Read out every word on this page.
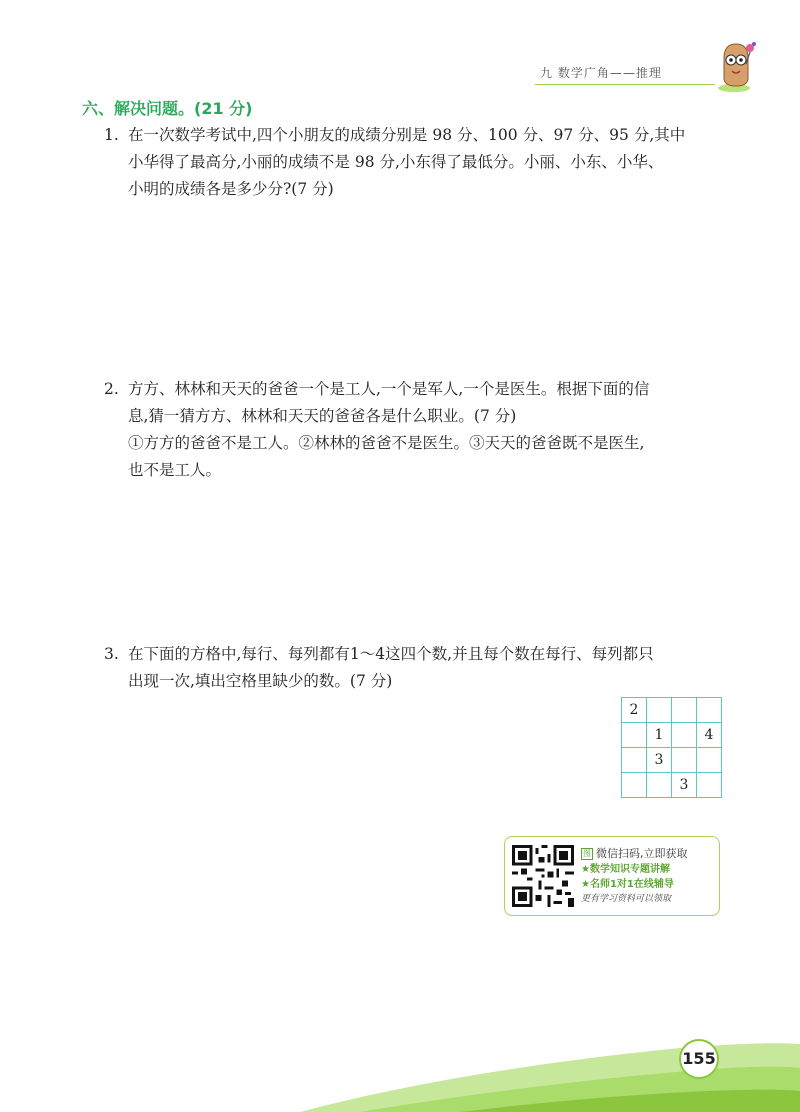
九 数学广角——推理
六、解决问题。(21 分)
1. 在一次数学考试中,四个小朋友的成绩分别是 98 分、100 分、97 分、95 分,其中
小华得了最高分,小丽的成绩不是 98 分,小东得了最低分。小丽、小东、小华、
小明的成绩各是多少分?(7 分)
2. 方方、林林和天天的爸爸一个是工人,一个是军人,一个是医生。根据下面的信
息,猜一猜方方、林林和天天的爸爸各是什么职业。(7 分)
①方方的爸爸不是工人。②林林的爸爸不是医生。③天天的爸爸既不是医生,
也不是工人。
3. 在下面的方格中,每行、每列都有1～4这四个数,并且每个数在每行、每列都只
出现一次,填出空格里缺少的数。(7 分)
2			
	1		4
	3		
		3	
图 微信扫码,立即获取
★数学知识专题讲解
★名师1对1在线辅导
更有学习资料可以领取
155
